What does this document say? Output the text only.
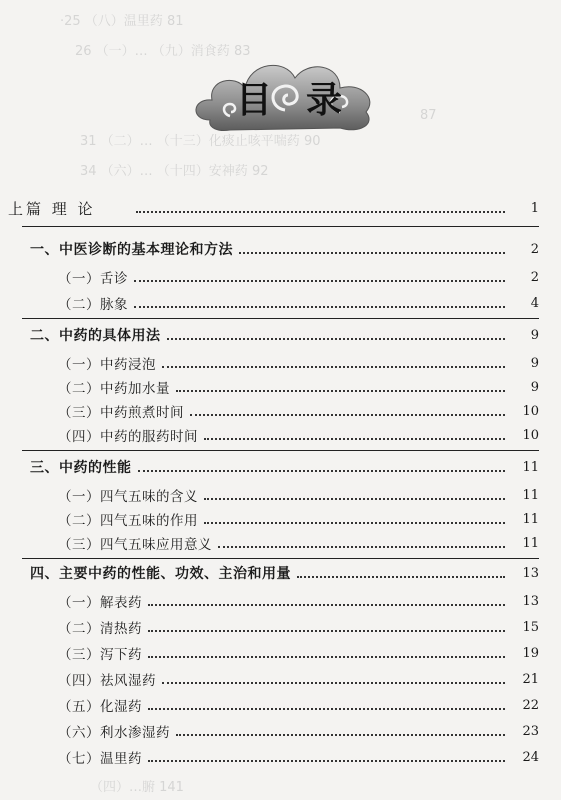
·25 （八）温里药 81
26 （一）… （九）消食药 83
87
31 （二）… （十三）化痰止咳平喘药 90
34 （六）… （十四）安神药 92
目 录
上篇 理 论	1
一、中医诊断的基本理论和方法	2
（一）舌诊	2
（二）脉象	4
二、中药的具体用法	9
（一）中药浸泡	9
（二）中药加水量	9
（三）中药煎煮时间	10
（四）中药的服药时间	10
三、中药的性能	11
（一）四气五味的含义	11
（二）四气五味的作用	11
（三）四气五味应用意义	11
四、主要中药的性能、功效、主治和用量	13
（一）解表药	13
（二）清热药	15
（三）泻下药	19
（四）祛风湿药	21
（五）化湿药	22
（六）利水渗湿药	23
（七）温里药	24
（四）…腑 141
